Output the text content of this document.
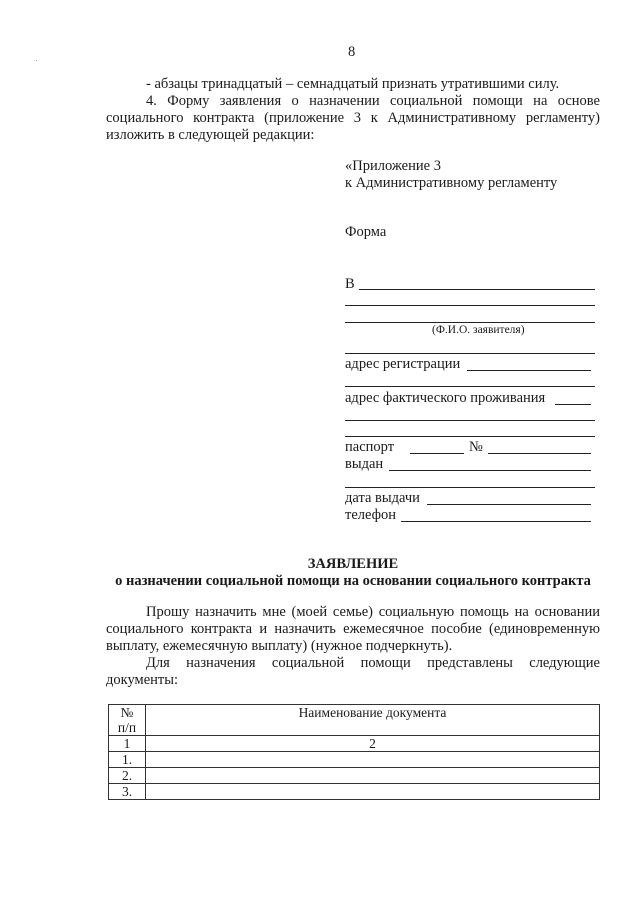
8
- абзацы тринадцатый – семнадцатый признать утратившими силу.
4. Форму заявления о назначении социальной помощи на основе
социального контракта (приложение 3 к Административному регламенту)
изложить в следующей редакции:
«Приложение 3
к Административному регламенту
Форма
В
(Ф.И.О. заявителя)
адрес регистрации
адрес фактического проживания
паспорт	№
выдан
дата выдачи
телефон
ЗАЯВЛЕНИЕ
о назначении социальной помощи на основании социального контракта
Прошу назначить мне (моей семье) социальную помощь на основании
социального контракта и назначить ежемесячное пособие (единовременную
выплату, ежемесячную выплату) (нужное подчеркнуть).
Для назначения социальной помощи представлены следующие
документы:
№
п/п	Наименование документа
1	2
1.	
2.	
3.	
